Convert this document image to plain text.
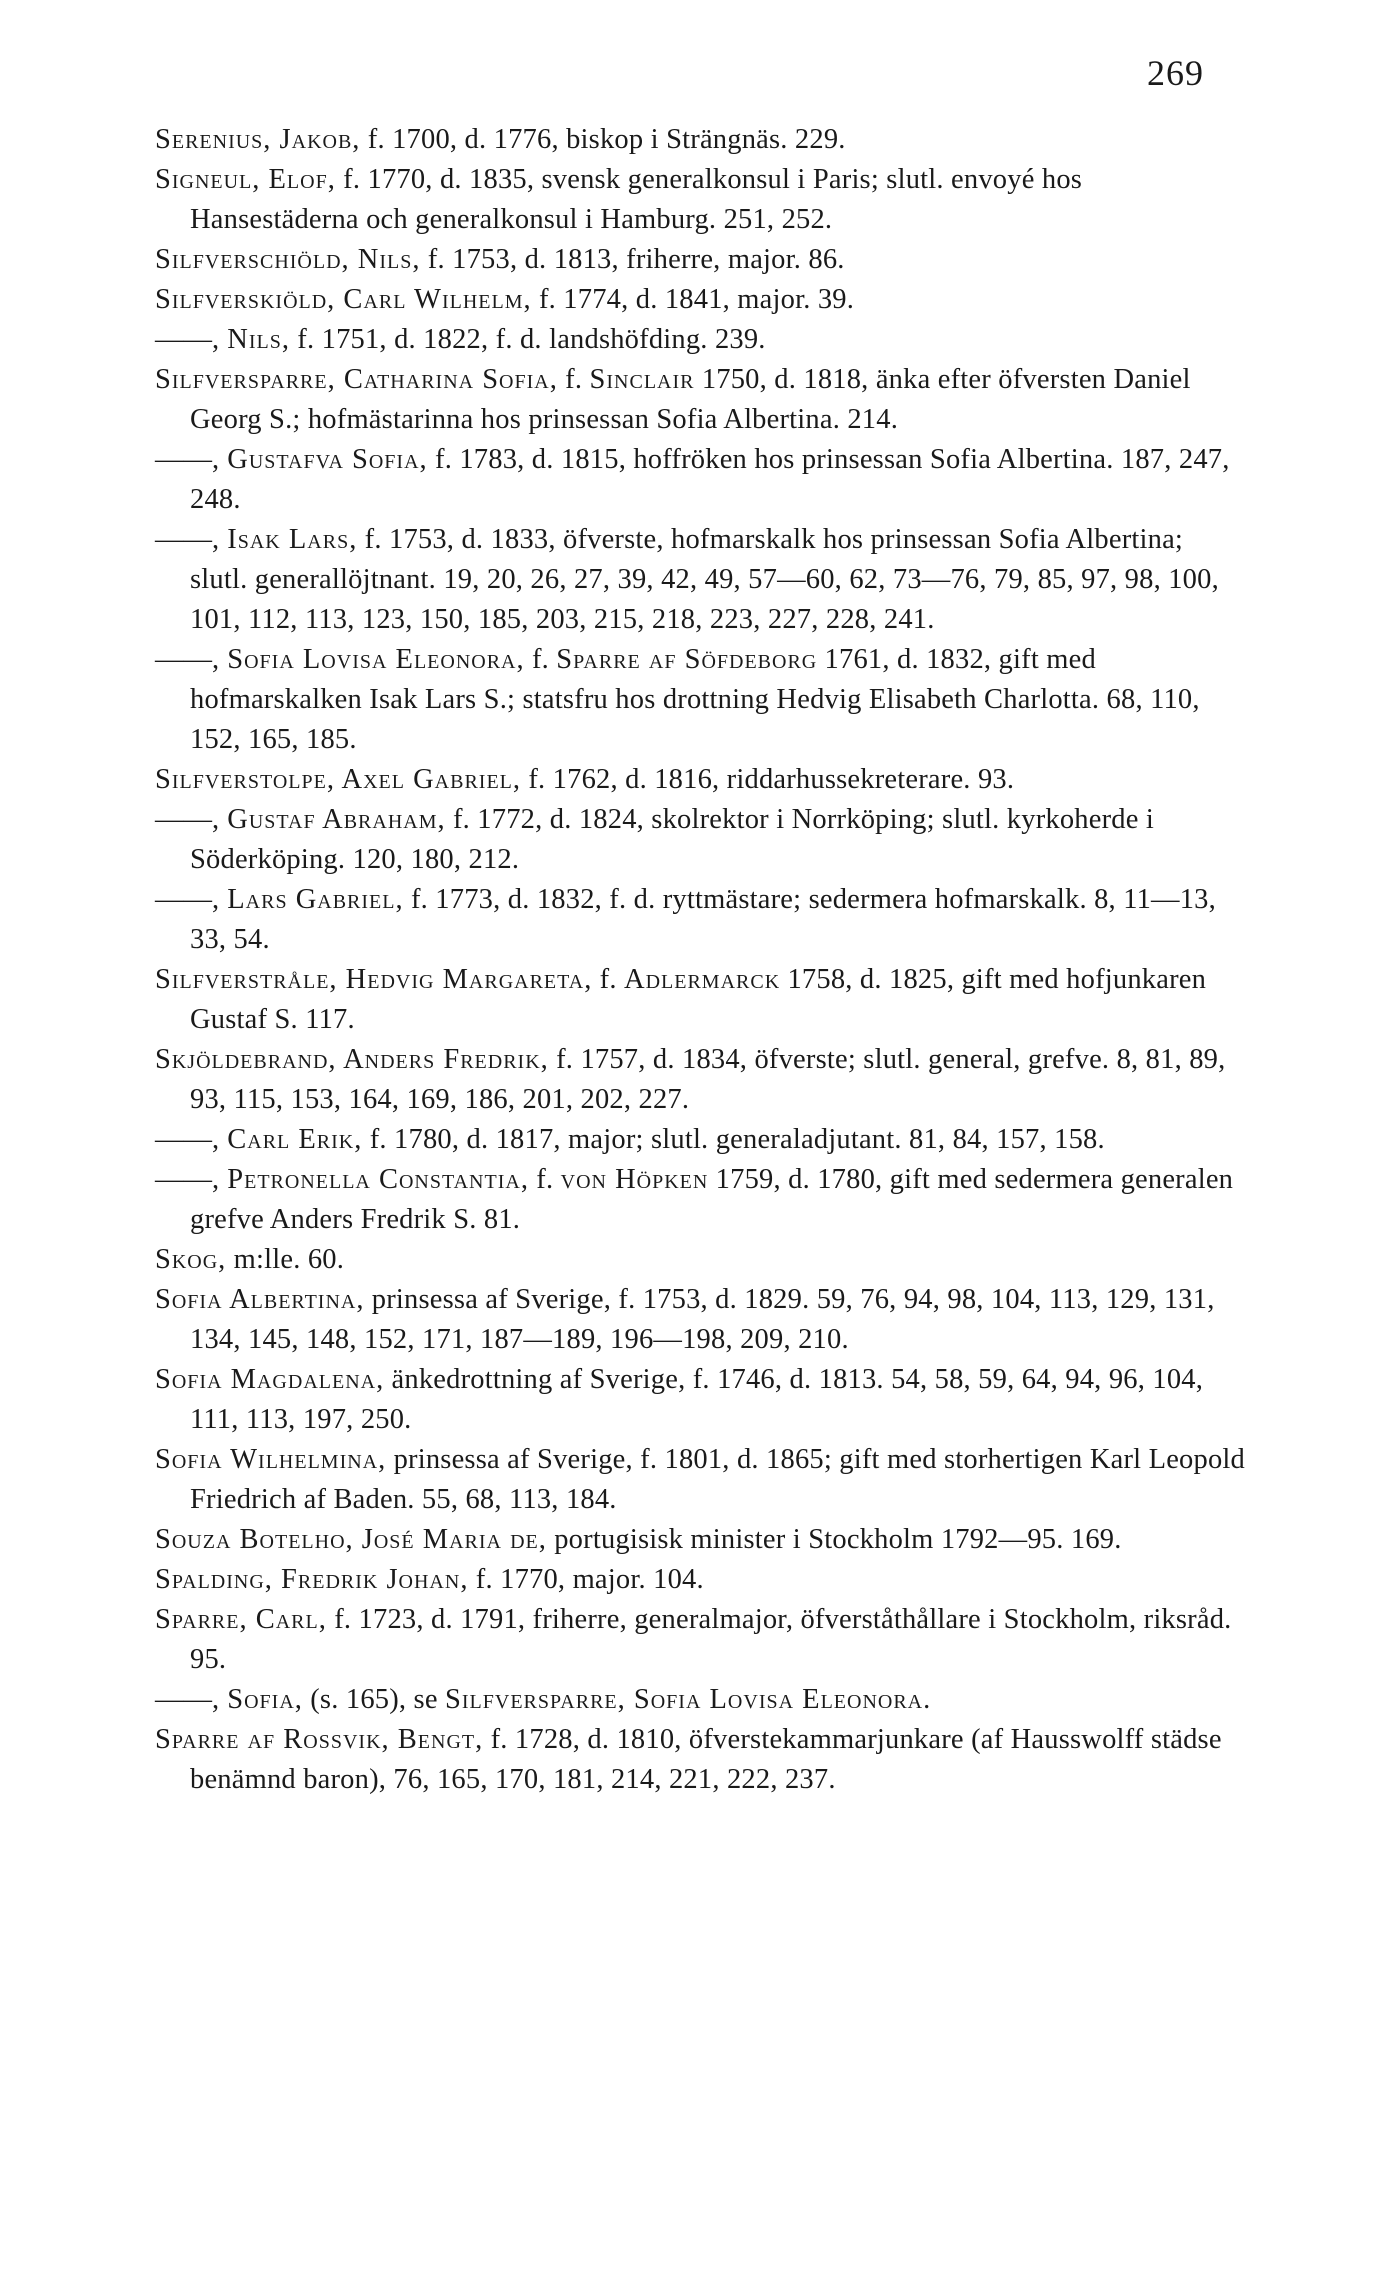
269

Serenius, Jakob, f. 1700, d. 1776, biskop i Strängnäs. 229.

Signeul, Elof, f. 1770, d. 1835, svensk generalkonsul i Paris; slutl. envoyé hos Hansestäderna och generalkonsul i Hamburg. 251, 252.

Silfverschiöld, Nils, f. 1753, d. 1813, friherre, major. 86.

Silfverskiöld, Carl Wilhelm, f. 1774, d. 1841, major. 39.

——, Nils, f. 1751, d. 1822, f. d. landshöfding. 239.

Silfversparre, Catharina Sofia, f. Sinclair 1750, d. 1818, änka efter öfversten Daniel Georg S.; hofmästarinna hos prinsessan Sofia Albertina. 214.

——, Gustafva Sofia, f. 1783, d. 1815, hoffröken hos prinsessan Sofia Albertina. 187, 247, 248.

——, Isak Lars, f. 1753, d. 1833, öfverste, hofmarskalk hos prinsessan Sofia Albertina; slutl. generallöjtnant. 19, 20, 26, 27, 39, 42, 49, 57—60, 62, 73—76, 79, 85, 97, 98, 100, 101, 112, 113, 123, 150, 185, 203, 215, 218, 223, 227, 228, 241.

——, Sofia Lovisa Eleonora, f. Sparre af Söfdeborg 1761, d. 1832, gift med hofmarskalken Isak Lars S.; statsfru hos drottning Hedvig Elisabeth Charlotta. 68, 110, 152, 165, 185.

Silfverstolpe, Axel Gabriel, f. 1762, d. 1816, riddarhussekreterare. 93.

——, Gustaf Abraham, f. 1772, d. 1824, skolrektor i Norrköping; slutl. kyrkoherde i Söderköping. 120, 180, 212.

——, Lars Gabriel, f. 1773, d. 1832, f. d. ryttmästare; sedermera hofmarskalk. 8, 11—13, 33, 54.

Silfverstråle, Hedvig Margareta, f. Adlermarck 1758, d. 1825, gift med hofjunkaren Gustaf S. 117.

Skjöldebrand, Anders Fredrik, f. 1757, d. 1834, öfverste; slutl. general, grefve. 8, 81, 89, 93, 115, 153, 164, 169, 186, 201, 202, 227.

——, Carl Erik, f. 1780, d. 1817, major; slutl. generaladjutant. 81, 84, 157, 158.

——, Petronella Constantia, f. von Höpken 1759, d. 1780, gift med sedermera generalen grefve Anders Fredrik S. 81.

Skog, m:lle. 60.

Sofia Albertina, prinsessa af Sverige, f. 1753, d. 1829. 59, 76, 94, 98, 104, 113, 129, 131, 134, 145, 148, 152, 171, 187—189, 196—198, 209, 210.

Sofia Magdalena, änkedrottning af Sverige, f. 1746, d. 1813. 54, 58, 59, 64, 94, 96, 104, 111, 113, 197, 250.

Sofia Wilhelmina, prinsessa af Sverige, f. 1801, d. 1865; gift med storhertigen Karl Leopold Friedrich af Baden. 55, 68, 113, 184.

Souza Botelho, José Maria de, portugisisk minister i Stockholm 1792—95. 169.

Spalding, Fredrik Johan, f. 1770, major. 104.

Sparre, Carl, f. 1723, d. 1791, friherre, generalmajor, öfverståthållare i Stockholm, riksråd. 95.

——, Sofia, (s. 165), se Silfversparre, Sofia Lovisa Eleonora.

Sparre af Rossvik, Bengt, f. 1728, d. 1810, öfverstekammarjunkare (af Hausswolff städse benämnd baron), 76, 165, 170, 181, 214, 221, 222, 237.
